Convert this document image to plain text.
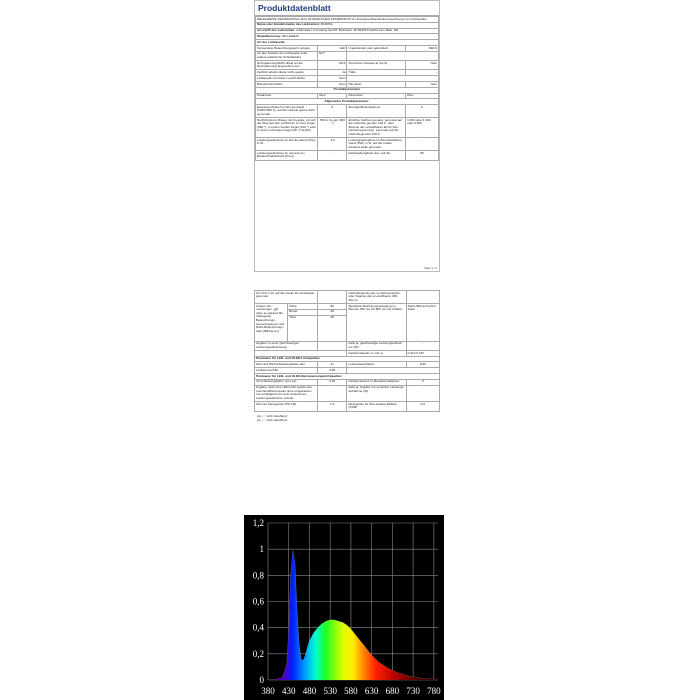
Produktdatenblatt
DELEGIERTE VERORDNUNG (EU) 2019/2015 DER KOMMISSION zur Energieverbrauchskennzeichnung von Lichtquellen			
Name oder Handelsmarke des Lieferanten: MIADKE			
Anschrift des Lieferanten: eVatmaster Consulting GmbH, Bettinastr. 30 60325 Frankfurt am Main, DE			
Modellkennung: ND-LEDE26			
Art der Lichtquelle:			
Verwendete Beleuchtungstech-nologie:	LED	Ungebündelt oder gebündelt:	NDLS
Art des Sockels der Lichtquelle (oder andere elektrische Schnittstelle)	E27		
Netzspannung/Nicht direkt an die Netzspannung angeschlos-sen:	MLS	Vernetzte Lichtquel-le (CLS):	Nein
Farblich abstimmbare Licht-quelle:	Ja	Hülle:	-
Lichtquelle mit hoher Leucht-dichte:	Nein		
Blendschutzschild:	Nein	Dimmbar:	Nein
Produktparameter			
Parameter	Wert	Parameter	Wert
Allgemeine Produktparameter:			
Energieverbrauch im Ein-Zu-stand (kWh/1000 h), auf die nächste ganze Zahl ge-rundet	6	Energieeffizienzklas-se	F
Nutzlichtstrom (Φuse) mit An-gabe, ob sich der Wert auf den Lichtstrom in einer Kugel (360 °), in einem breiten Kegel (120 °) oder in einem schmalen Kegel (90 °) bezieht	350 in Ku-gel (360 °)	ähnliche Farbtem-peratur, gerundet auf die nächstlie-genden 100 K, oder Spanne der einstellbaren ähnli-chen Farbtempera-turen, gerundet auf die nächstliegenden 100 K	3 000 oder 4 000 oder 6 500
Leistungsaufnahme im Ein-Zu-stand (Pon) in W	4,0	Leistungsaufnahme im Bereitschaftszu-stand (Psb) in W, auf die zweite Dezimal-stelle gerundet	-
Leistungsaufnahme im vernetz-ten Bereitschaftsbetrieb (Pnet)	-	Farbwiedergabein-dex, auf die	85
Seite 1 / 3
für CLS in W, auf die zweite De-zimalstelle gerundet			nächstliegende gan-ze Zahl gerundet, oder Spanne der ein-stellbaren CRI-Wer-te	
Äußere Ab-messungen, ggf. ohne se-parates Be-triebsgerät, Beleuchtungs-steuerungstei-le und Nicht-Beleuchtungs-teile (Millime-ter)	Höhe	80	Spektrale Strah-lungsverteilung im Bereich 250 nm bis 800 nm bei Volllast	Siehe Bild auf letzter Seite
	Breite	28		
	Tiefe	28		
Angabe zu einer gleichwertigen Leistungsaufnahme(a)		-	Falls ja, gleichwertige Leistungsaufnah-me (W)	-
			Farbwertanteile (x und y)	0,313 0,337
Parameter für LED- und OLED-Lichtquellen:				
Wert des R9-Farbwiedergabein-dex		21	Lebensdauerfaktor	0,90
Lichtstromerhalt		0,86		
Parameter für LED- und OLED-Netzspannungslichtquellen:				
Verschiebungsfaktor (cos φ1)		0,54	Farbkonsistenz in MacAdam-Ellipsen	6
Angabe, dass eine LED-Licht-quelle eine Leuchtstofflicht-quelle ohne eingebauten Vor-schaltgerät mit einer bestimmten Leistungsaufnahme ersetzt.		-	Falls ja, Angabe zur ersetzten Leistungs-aufnahme (W)	-
Flimmer-Messgröße (Pst LM)		1,0	Messgröße für Stro-boskop-Effekte (SVM)	0,9
(a) „-“: nicht zutreffend;
(b) „-“: nicht zutreffend;
0
0,2
0,4
0,6
0,8
1
1,2
380 430 480 530 580 630 680 730 780
